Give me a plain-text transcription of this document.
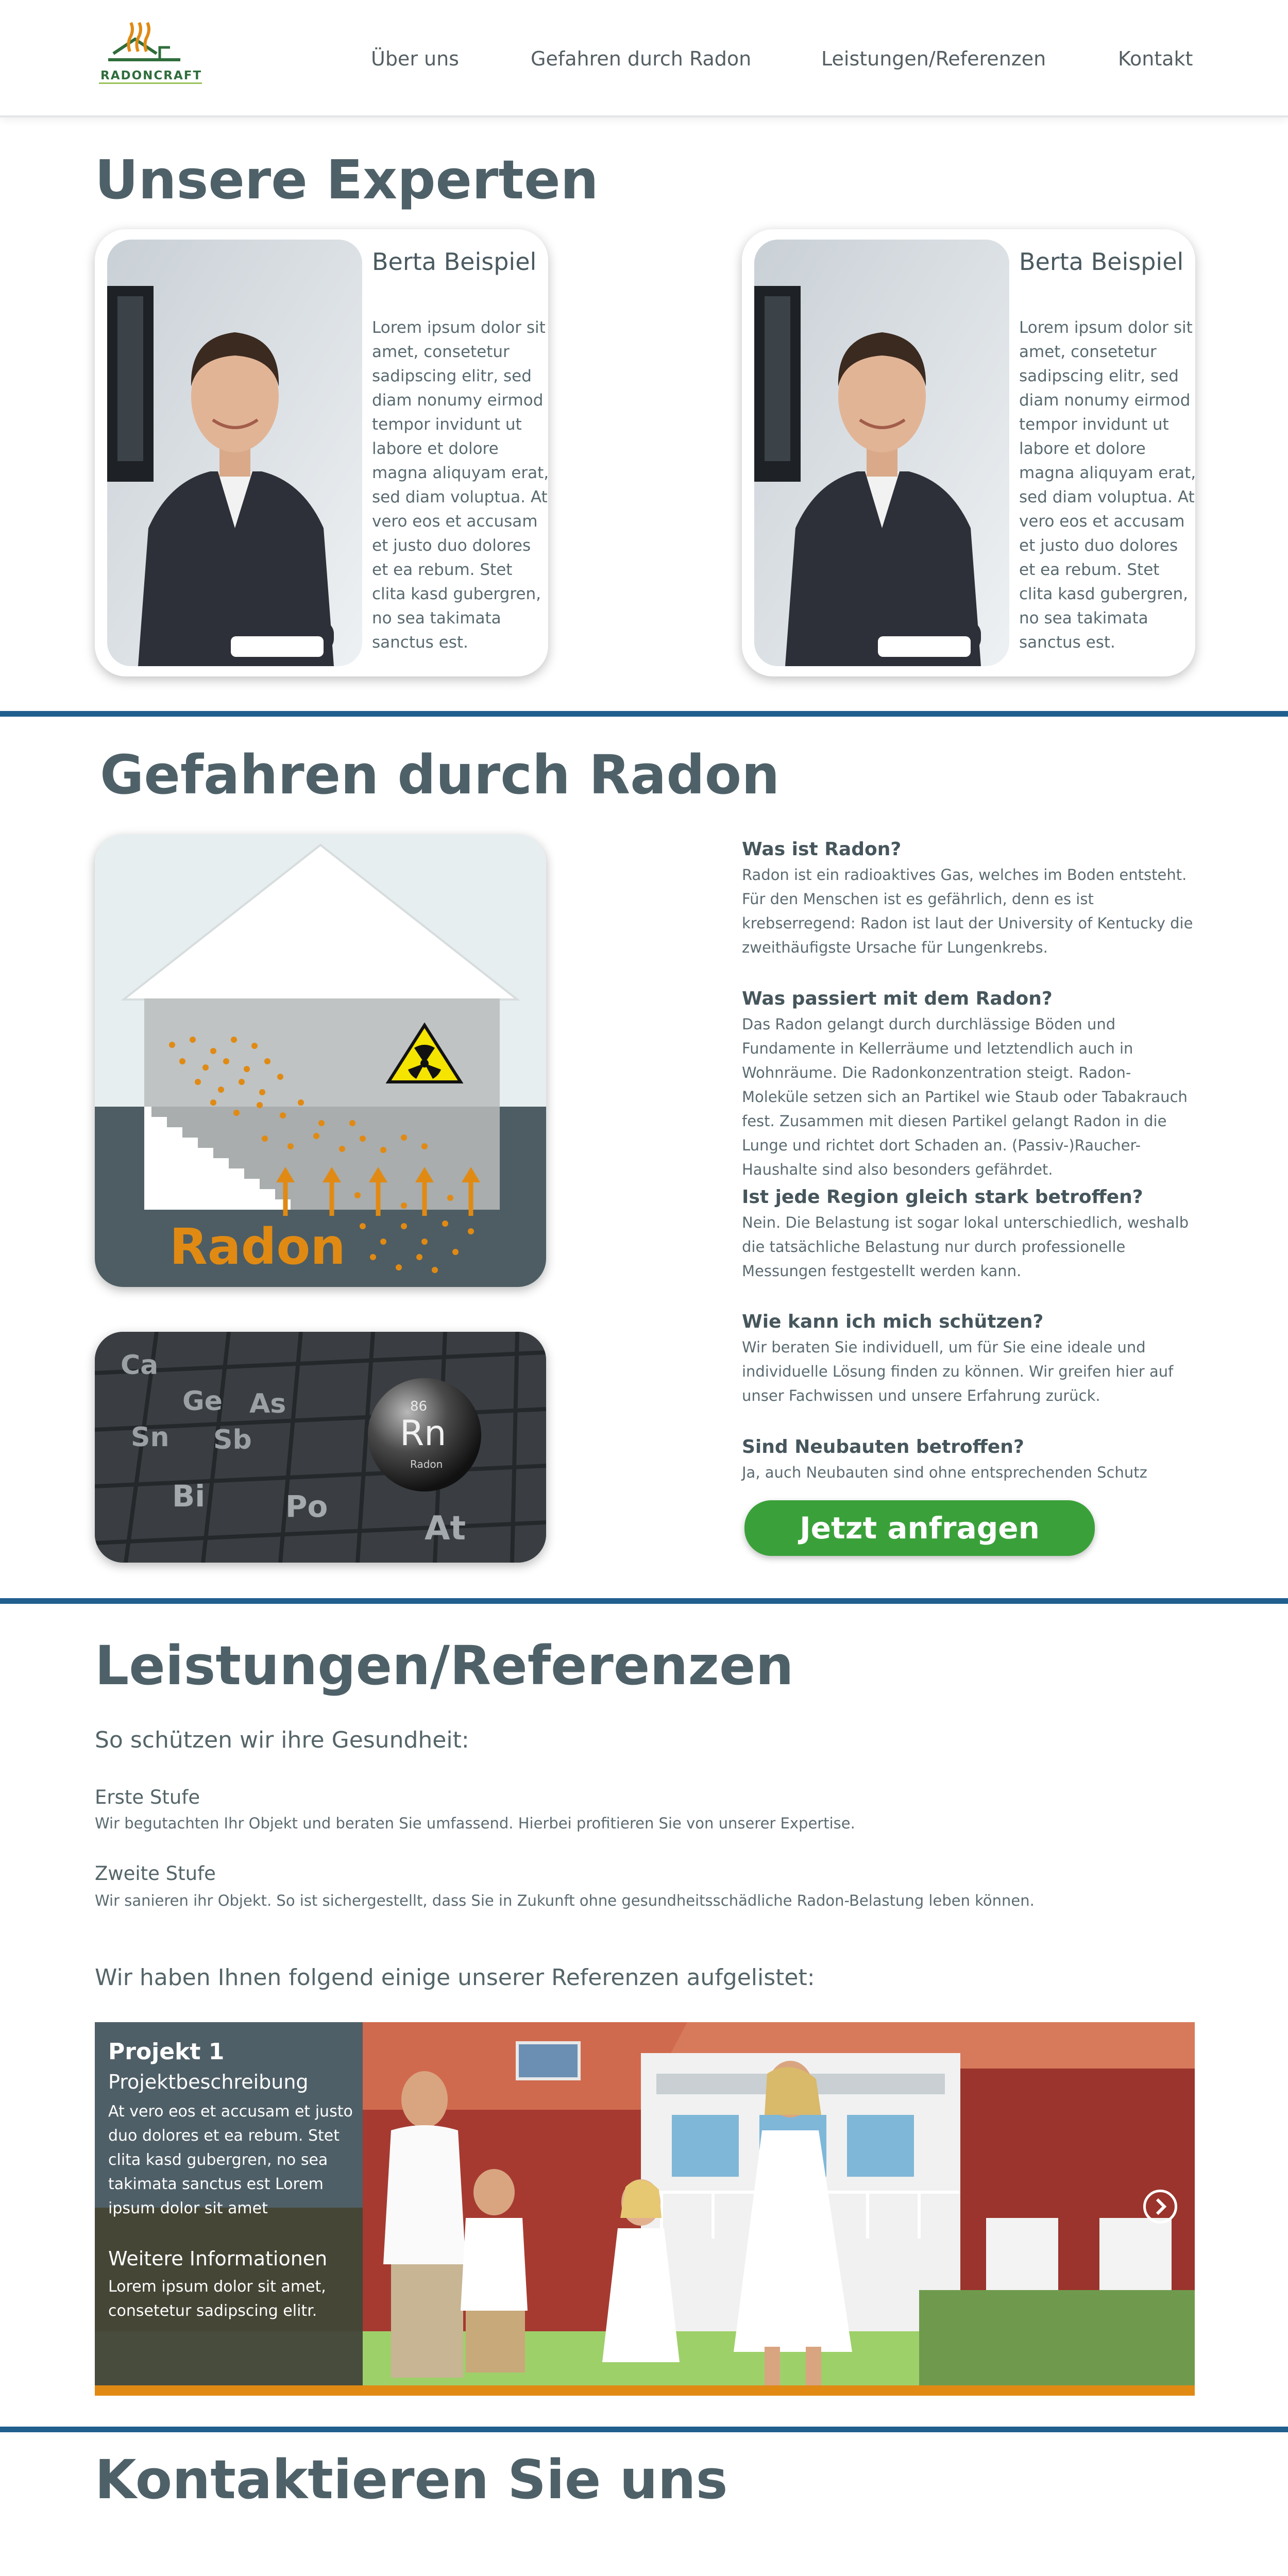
RADONCRAFT
Über uns	Gefahren durch Radon	Leistungen/Referenzen	Kontakt
Unsere Experten
Berta Beispiel
Lorem ipsum dolor sit amet, consetetur sadipscing elitr, sed diam nonumy eirmod tempor invidunt ut labore et dolore magna aliquyam erat, sed diam voluptua. At vero eos et accusam et justo duo dolores et ea rebum. Stet clita kasd gubergren, no sea takimata sanctus est.
Berta Beispiel
Lorem ipsum dolor sit amet, consetetur sadipscing elitr, sed diam nonumy eirmod tempor invidunt ut labore et dolore magna aliquyam erat, sed diam voluptua. At vero eos et accusam et justo duo dolores et ea rebum. Stet clita kasd gubergren, no sea takimata sanctus est.
Gefahren durch Radon
Radon
Ca
Ge As
Sn Sb
Bi	Po
At
86
Rn
Radon
Was ist Radon?
Radon ist ein radioaktives Gas, welches im Boden entsteht. Für den Menschen ist es gefährlich, denn es ist krebserregend: Radon ist laut der University of Kentucky die zweithäufigste Ursache für Lungenkrebs.
Was passiert mit dem Radon?
Das Radon gelangt durch durchlässige Böden und Fundamente in Kellerräume und letztendlich auch in Wohnräume. Die Radonkonzentration steigt. Radon-Moleküle setzen sich an Partikel wie Staub oder Tabakrauch fest. Zusammen mit diesen Partikel gelangt Radon in die Lunge und richtet dort Schaden an. (Passiv-)Raucher-Haushalte sind also besonders gefährdet.
Ist jede Region gleich stark betroffen?
Nein. Die Belastung ist sogar lokal unterschiedlich, weshalb die tatsächliche Belastung nur durch professionelle Messungen festgestellt werden kann.
Wie kann ich mich schützen?
Wir beraten Sie individuell, um für Sie eine ideale und individuelle Lösung finden zu können. Wir greifen hier auf unser Fachwissen und unsere Erfahrung zurück.
Sind Neubauten betroffen?
Ja, auch Neubauten sind ohne entsprechenden Schutz
Jetzt anfragen
Leistungen/Referenzen
So schützen wir ihre Gesundheit:
Erste Stufe
Wir begutachten Ihr Objekt und beraten Sie umfassend. Hierbei profitieren Sie von unserer Expertise.
Zweite Stufe
Wir sanieren ihr Objekt. So ist sichergestellt, dass Sie in Zukunft ohne gesundheitsschädliche Radon-Belastung leben können.
Wir haben Ihnen folgend einige unserer Referenzen aufgelistet:
Projekt 1
Projektbeschreibung
At vero eos et accusam et justo duo dolores et ea rebum. Stet clita kasd gubergren, no sea takimata sanctus est Lorem ipsum dolor sit amet
Weitere Informationen
Lorem ipsum dolor sit amet, consetetur sadipscing elitr.
Kontaktieren Sie uns
